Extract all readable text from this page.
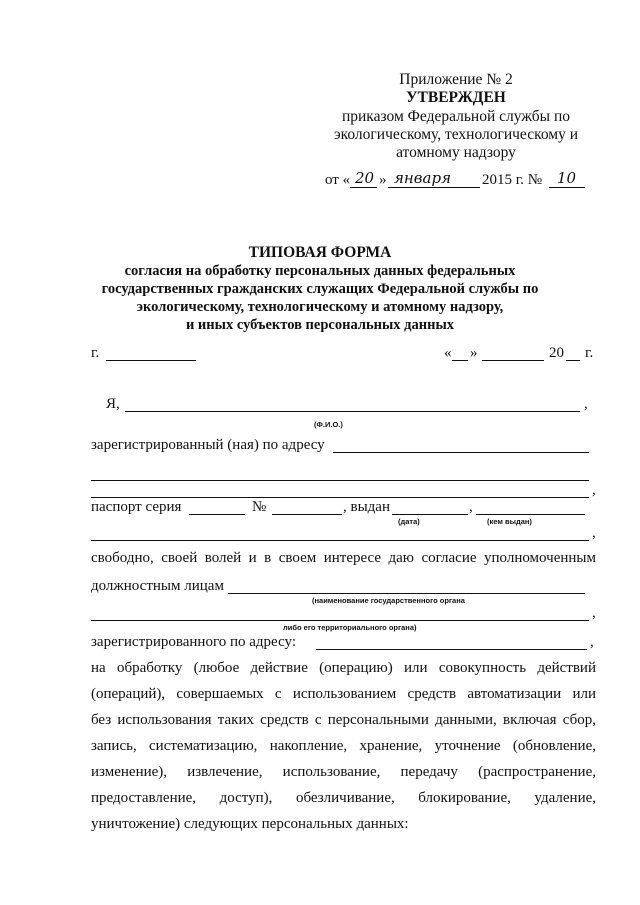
Приложение № 2
УТВЕРЖДЕН
приказом Федеральной службы по
экологическому, технологическому и
атомному надзору
от « 20 » января 2015 г. № 10
ТИПОВАЯ ФОРМА
согласия на обработку персональных данных федеральных
государственных гражданских служащих Федеральной службы по
экологическому, технологическому и атомному надзору,
и иных субъектов персональных данных
г.	« »	20 г.
Я,	,
(Ф.И.О.)
зарегистрированный (ная) по адресу
,
паспорт серия	№	, выдан	,
(дата)	(кем выдан)
,
свободно, своей волей и в своем интересе даю согласие уполномоченным
должностным лицам
(наименование государственного органа
,
либо его территориального органа)
зарегистрированного по адресу:	,
на обработку (любое действие (операцию) или совокупность действий
(операций), совершаемых с использованием средств автоматизации или
без использования таких средств с персональными данными, включая сбор,
запись, систематизацию, накопление, хранение, уточнение (обновление,
изменение), извлечение, использование, передачу (распространение,
предоставление, доступ), обезличивание, блокирование, удаление,
уничтожение) следующих персональных данных:
